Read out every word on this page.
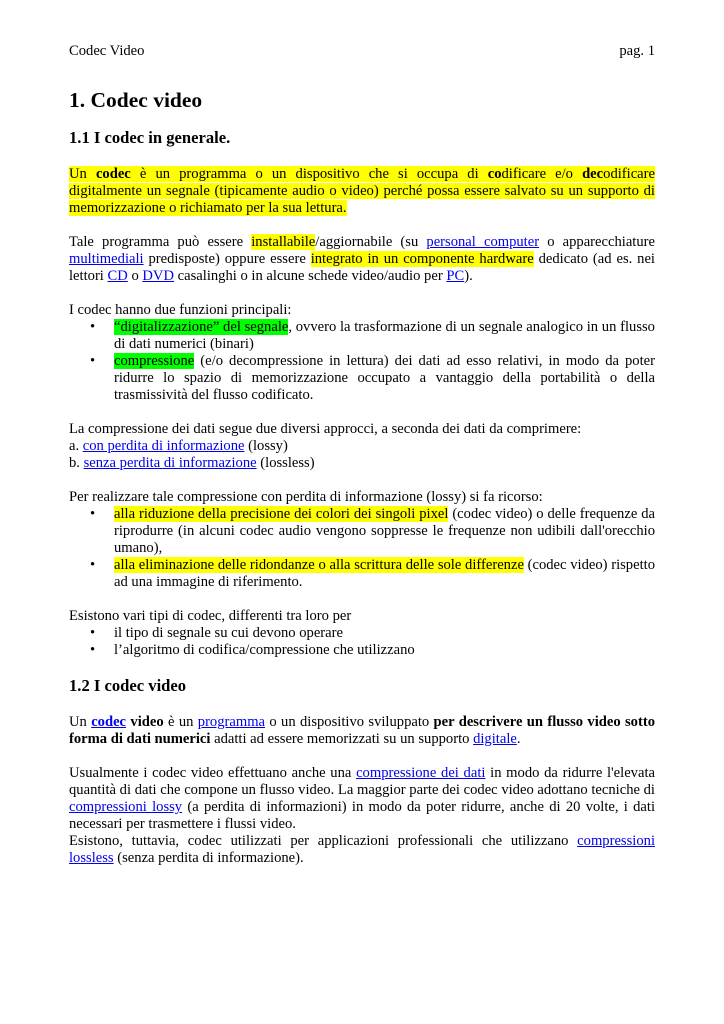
Codec Video	pag. 1
1. Codec video
1.1 I codec in generale.

Un codec è un programma o un dispositivo che si occupa di codificare e/o decodificare digitalmente un segnale (tipicamente audio o video) perché possa essere salvato su un supporto di memorizzazione o richiamato per la sua lettura.

Tale programma può essere installabile/aggiornabile (su personal computer o apparecchiature multimediali predisposte) oppure essere integrato in un componente hardware dedicato (ad es. nei lettori CD o DVD casalinghi o in alcune schede video/audio per PC).

I codec hanno due funzioni principali:

• “digitalizzazione” del segnale, ovvero la trasformazione di un segnale analogico in un flusso di dati numerici (binari)
• compressione (e/o decompressione in lettura) dei dati ad esso relativi, in modo da poter ridurre lo spazio di memorizzazione occupato a vantaggio della portabilità o della trasmissività del flusso codificato.

La compressione dei dati segue due diversi approcci, a seconda dei dati da comprimere:

a. con perdita di informazione (lossy)

b. senza perdita di informazione (lossless)

Per realizzare tale compressione con perdita di informazione (lossy) si fa ricorso:

• alla riduzione della precisione dei colori dei singoli pixel (codec video) o delle frequenze da riprodurre (in alcuni codec audio vengono soppresse le frequenze non udibili dall'orecchio umano),
• alla eliminazione delle ridondanze o alla scrittura delle sole differenze (codec video) rispetto ad una immagine di riferimento.

Esistono vari tipi di codec, differenti tra loro per

• il tipo di segnale su cui devono operare
• l’algoritmo di codifica/compressione che utilizzano
1.2 I codec video

Un codec video è un programma o un dispositivo sviluppato per descrivere un flusso video sotto forma di dati numerici adatti ad essere memorizzati su un supporto digitale.

Usualmente i codec video effettuano anche una compressione dei dati in modo da ridurre l'elevata quantità di dati che compone un flusso video. La maggior parte dei codec video adottano tecniche di compressioni lossy (a perdita di informazioni) in modo da poter ridurre, anche di 20 volte, i dati necessari per trasmettere i flussi video.

Esistono, tuttavia, codec utilizzati per applicazioni professionali che utilizzano compressioni lossless (senza perdita di informazione).
